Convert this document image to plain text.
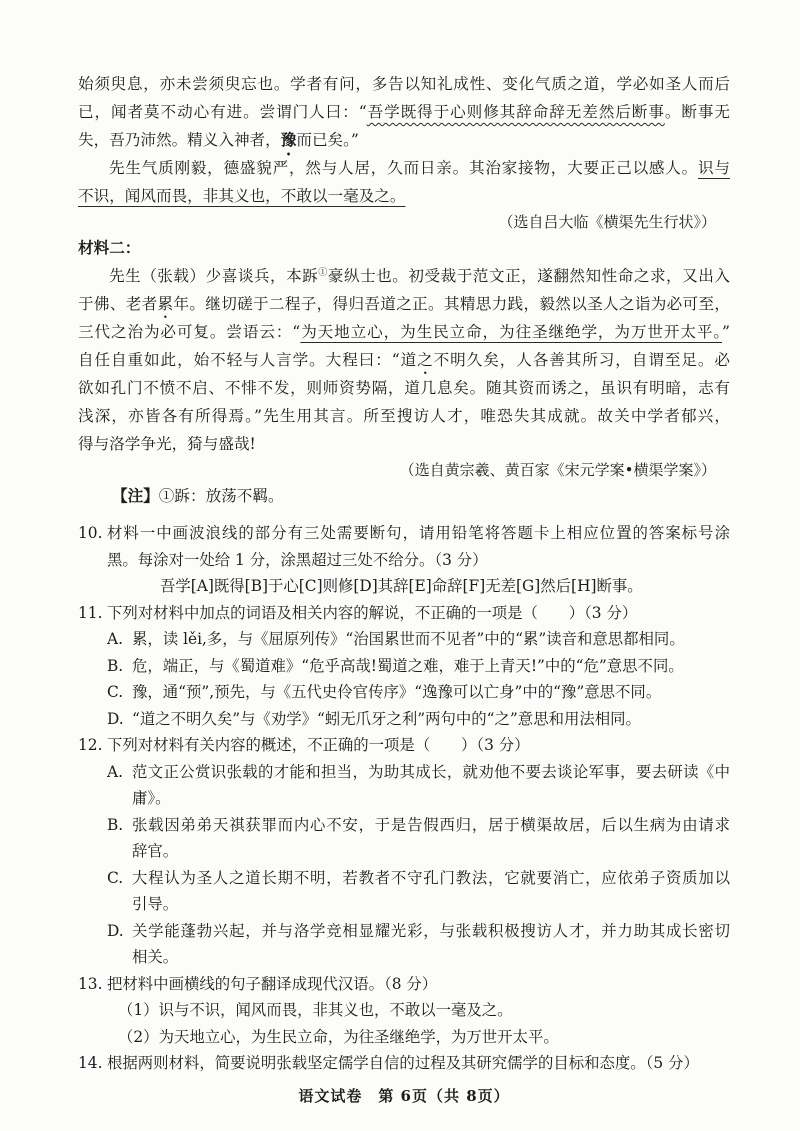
始须臾息，亦未尝须臾忘也。学者有问，多告以知礼成性、变化气质之道，学必如圣人而后
已，闻者莫不动心有进。尝谓门人曰：“吾学既得于心则修其辞命辞无差然后断事。断事无
失，吾乃沛然。精义入神者，豫而已矣。”
先生气质刚毅，德盛貌严，然与人居，久而日亲。其治家接物，大要正己以感人。识与
不识，闻风而畏，非其义也，不敢以一毫及之。
（选自吕大临《横渠先生行状》）
材料二：
先生（张载）少喜谈兵，本跅①豪纵士也。初受裁于范文正，遂翻然知性命之求，又出入
于佛、老者累年。继切磋于二程子，得归吾道之正。其精思力践，毅然以圣人之诣为必可至，
三代之治为必可复。尝语云：“为天地立心，为生民立命，为往圣继绝学，为万世开太平。”
自任自重如此，始不轻与人言学。大程曰：“道之不明久矣，人各善其所习，自谓至足。必
欲如孔门不愤不启、不悱不发，则师资势隔，道几息矣。随其资而诱之，虽识有明暗，志有
浅深，亦皆各有所得焉。”先生用其言。所至搜访人才，唯恐失其成就。故关中学者郁兴，
得与洛学争光，猗与盛哉!
（选自黄宗羲、黄百家《宋元学案•横渠学案》）
【注】①跅：放荡不羁。
10. 材料一中画波浪线的部分有三处需要断句，请用铅笔将答题卡上相应位置的答案标号涂
黑。每涂对一处给 1 分，涂黑超过三处不给分。（3 分）
吾学[A]既得[B]于心[C]则修[D]其辞[E]命辞[F]无差[G]然后[H]断事。
11. 下列对材料中加点的词语及相关内容的解说，不正确的一项是（　　）（3 分）
A. 累，读 lěi,多，与《屈原列传》“治国累世而不见者”中的“累”读音和意思都相同。
B. 危，端正，与《蜀道难》“危乎高哉!蜀道之难，难于上青天!”中的“危”意思不同。
C. 豫，通“预”,预先，与《五代史伶官传序》“逸豫可以亡身”中的“豫”意思不同。
D. “道之不明久矣”与《劝学》“蚓无爪牙之利”两句中的“之”意思和用法相同。
12. 下列对材料有关内容的概述，不正确的一项是（　　）（3 分）
A. 范文正公赏识张载的才能和担当，为助其成长，就劝他不要去谈论军事，要去研读《中
庸》。
B. 张载因弟弟天祺获罪而内心不安，于是告假西归，居于横渠故居，后以生病为由请求
辞官。
C. 大程认为圣人之道长期不明，若教者不守孔门教法，它就要消亡，应依弟子资质加以
引导。
D. 关学能蓬勃兴起，并与洛学竞相显耀光彩，与张载积极搜访人才，并力助其成长密切
相关。
13. 把材料中画横线的句子翻译成现代汉语。（8 分）
（1）识与不识，闻风而畏，非其义也，不敢以一毫及之。
（2）为天地立心，为生民立命，为往圣继绝学，为万世开太平。
14. 根据两则材料，简要说明张载坚定儒学自信的过程及其研究儒学的目标和态度。（5 分）
语文试卷　第 6页（共 8页）
